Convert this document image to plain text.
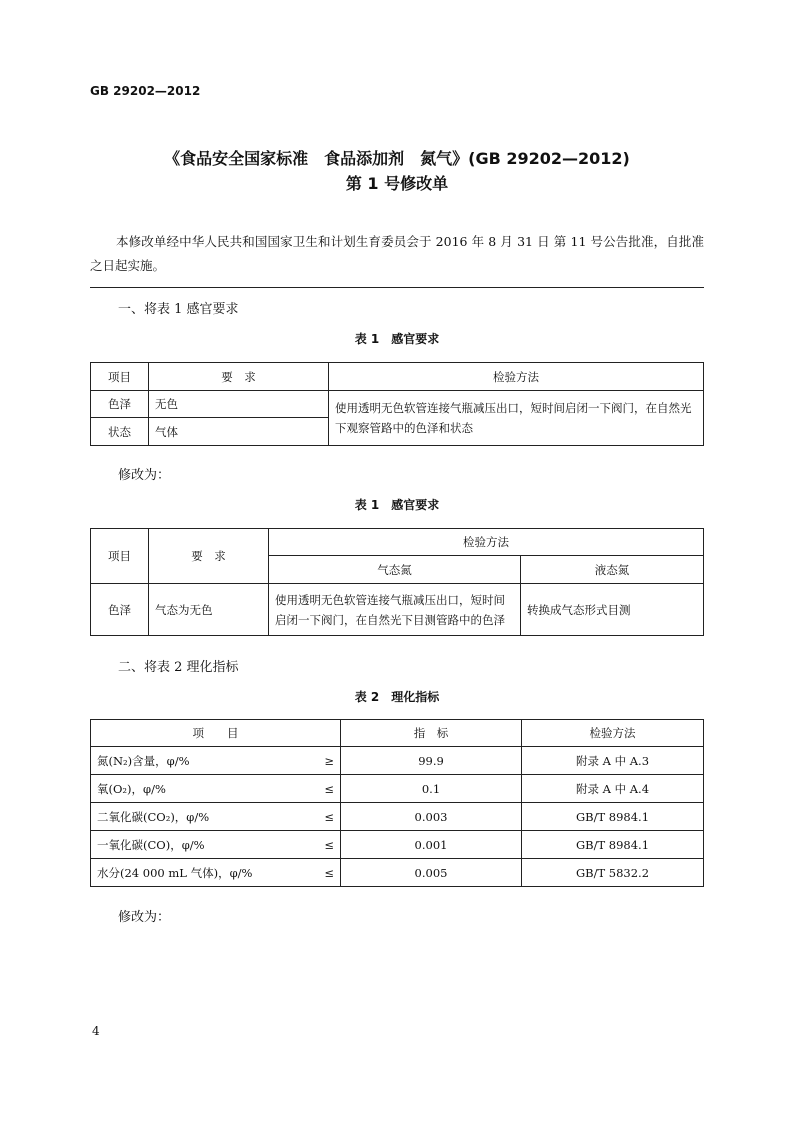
GB 29202—2012
《食品安全国家标准　食品添加剂　氮气》(GB 29202—2012)
第 1 号修改单
本修改单经中华人民共和国国家卫生和计划生育委员会于 2016 年 8 月 31 日 第 11 号公告批准，自批准之日起实施。
一、将表 1 感官要求
表 1　感官要求
项目	要　求	检验方法
色泽	无色	使用透明无色软管连接气瓶减压出口，短时间启闭一下阀门，在自然光下观察管路中的色泽和状态
状态	气体	
修改为：
表 1　感官要求
项目	要　求	检验方法	
		气态氮	液态氮
色泽	气态为无色	使用透明无色软管连接气瓶减压出口，短时间启闭一下阀门，在自然光下目测管路中的色泽	转换成气态形式目测
二、将表 2 理化指标
表 2　理化指标
项　　目		指　标	检验方法
氮(N₂)含量，φ/%	≥	99.9	附录 A 中 A.3
氧(O₂)，φ/%	≤	0.1	附录 A 中 A.4
二氧化碳(CO₂)，φ/%	≤	0.003	GB/T 8984.1
一氧化碳(CO)，φ/%	≤	0.001	GB/T 8984.1
水分(24 000 mL 气体)，φ/%	≤	0.005	GB/T 5832.2
修改为：
4
